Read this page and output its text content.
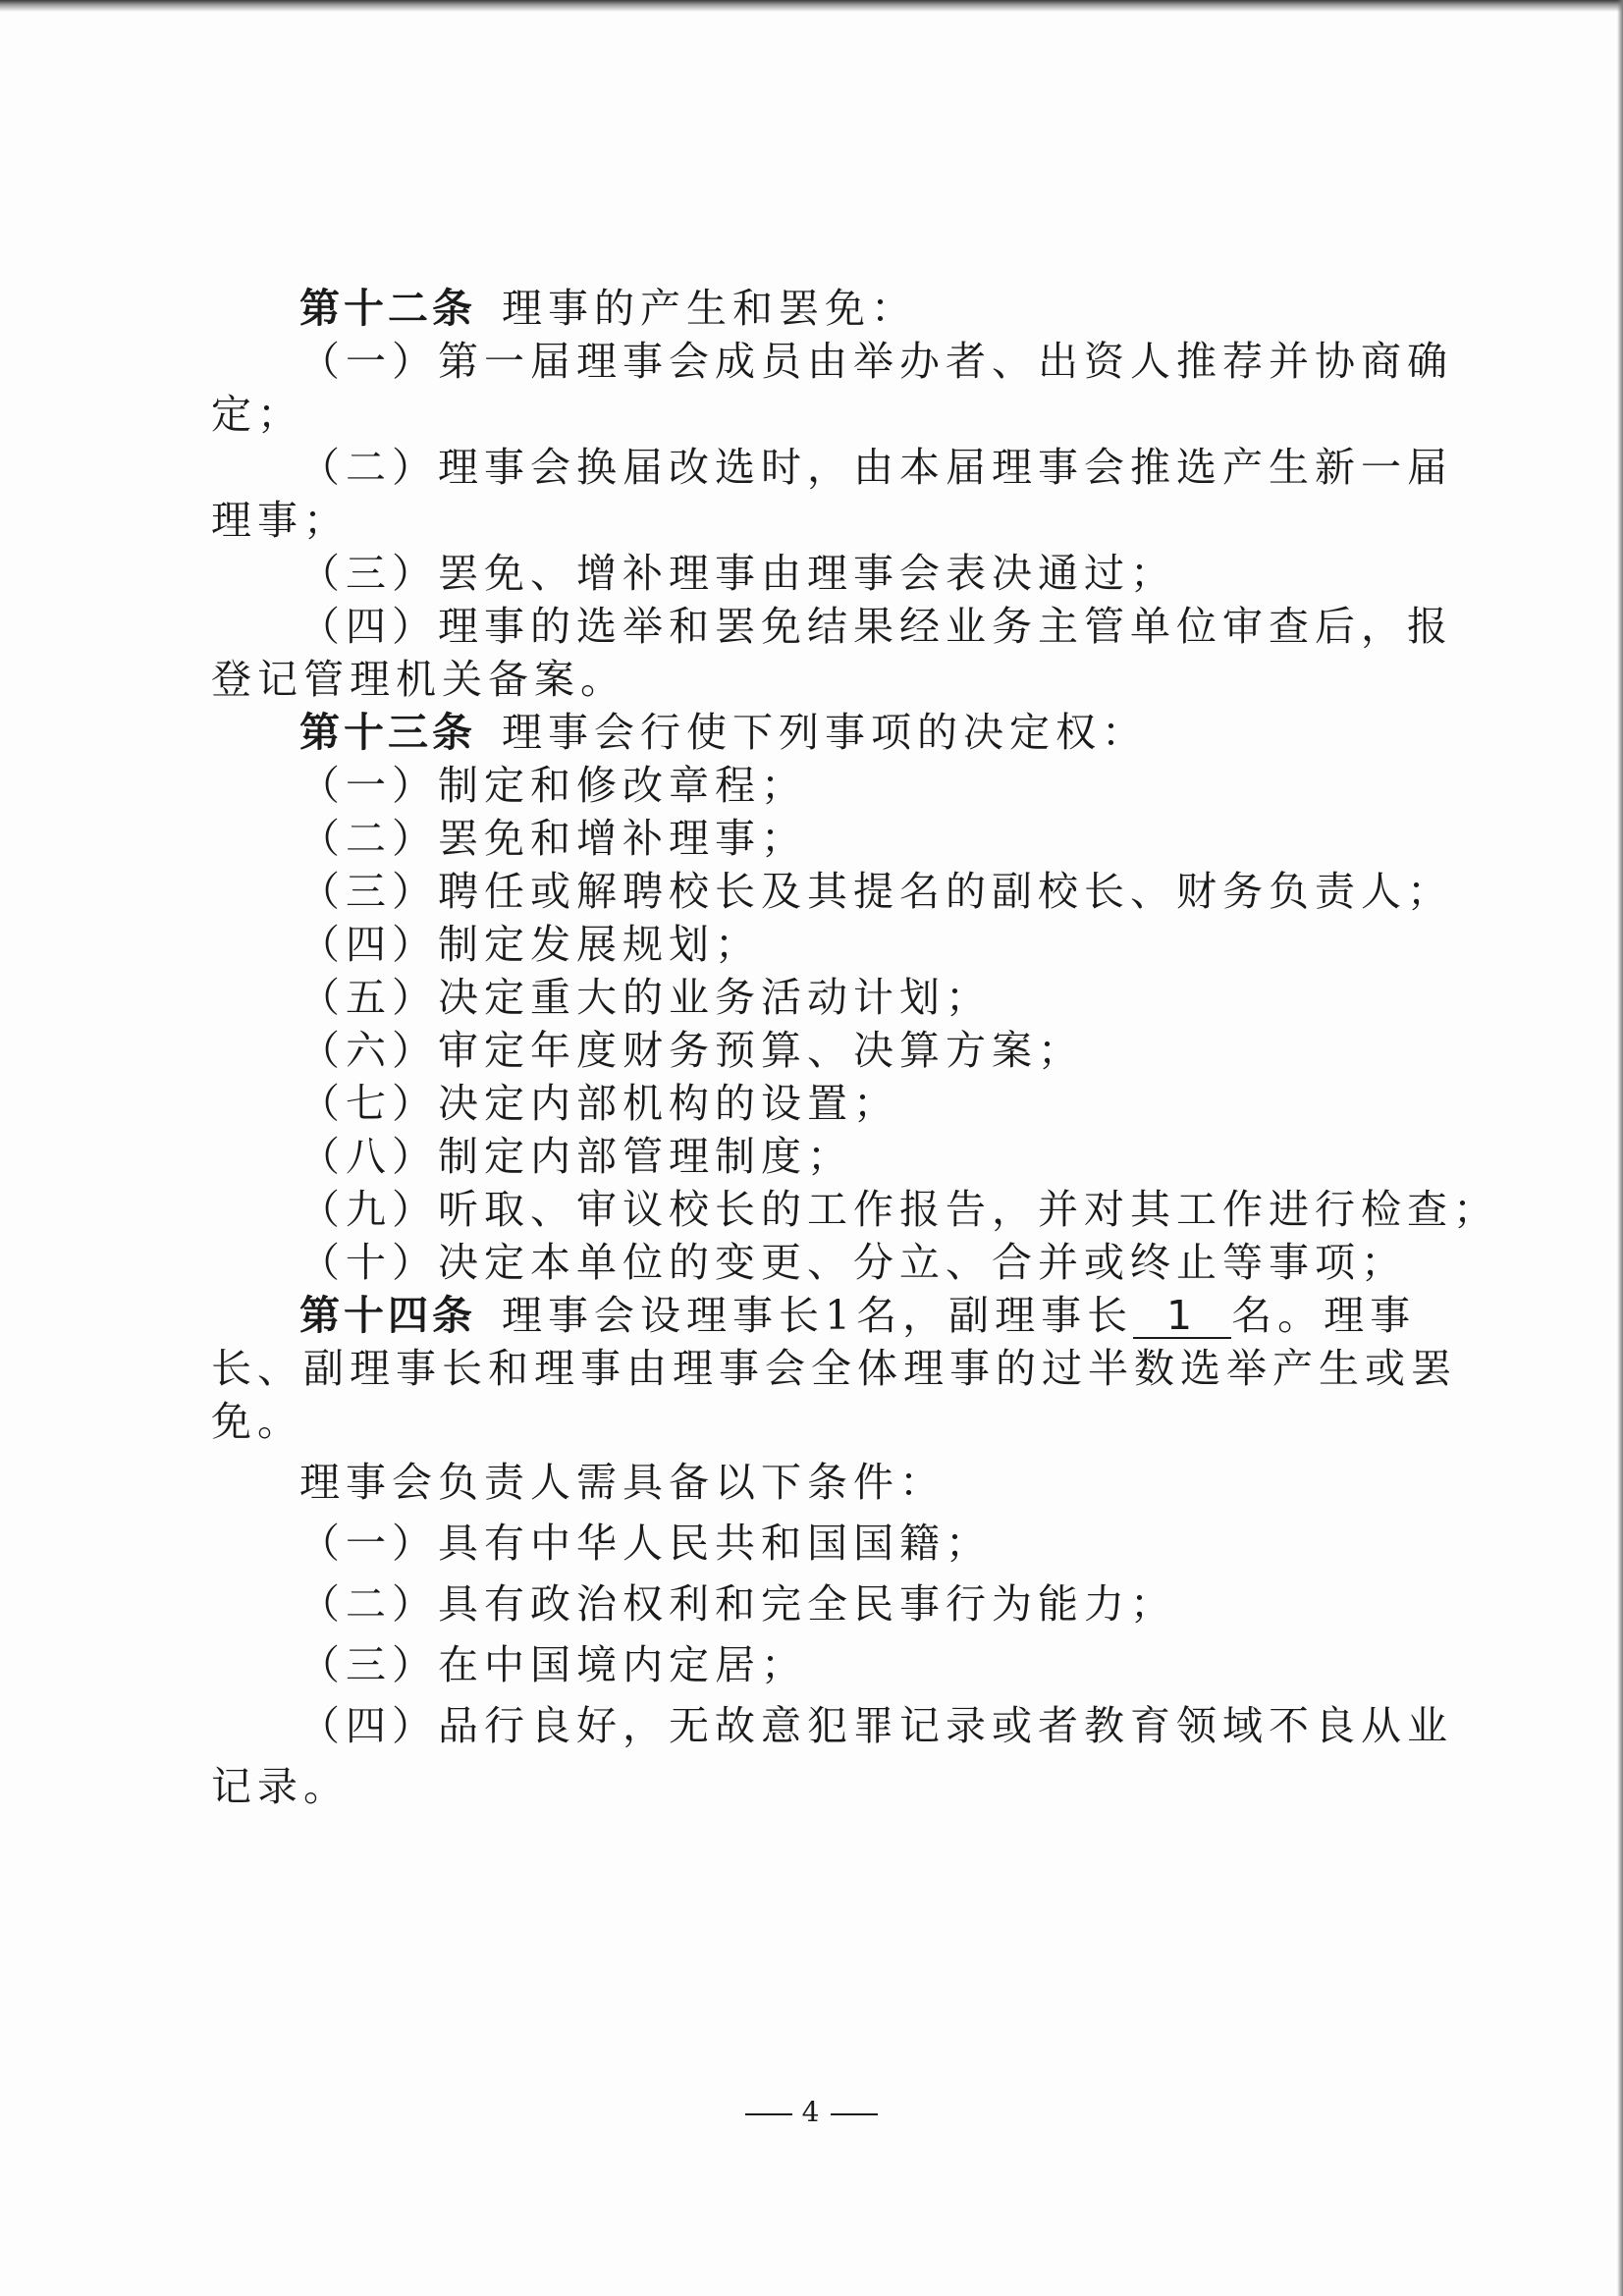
第十二条 理事的产生和罢免：
（一）第一届理事会成员由举办者、出资人推荐并协商确
定；
（二）理事会换届改选时，由本届理事会推选产生新一届
理事；
（三）罢免、增补理事由理事会表决通过；
（四）理事的选举和罢免结果经业务主管单位审查后，报
登记管理机关备案。
第十三条 理事会行使下列事项的决定权：
（一）制定和修改章程；
（二）罢免和增补理事；
（三）聘任或解聘校长及其提名的副校长、财务负责人；
（四）制定发展规划；
（五）决定重大的业务活动计划；
（六）审定年度财务预算、决算方案；
（七）决定内部机构的设置；
（八）制定内部管理制度；
（九）听取、审议校长的工作报告，并对其工作进行检查；
（十）决定本单位的变更、分立、合并或终止等事项；
第十四条 理事会设理事长1名，副理事长 1 名。理事
长、副理事长和理事由理事会全体理事的过半数选举产生或罢
免。
理事会负责人需具备以下条件：
（一）具有中华人民共和国国籍；
（二）具有政治权利和完全民事行为能力；
（三）在中国境内定居；
（四）品行良好，无故意犯罪记录或者教育领域不良从业
记录。
4
